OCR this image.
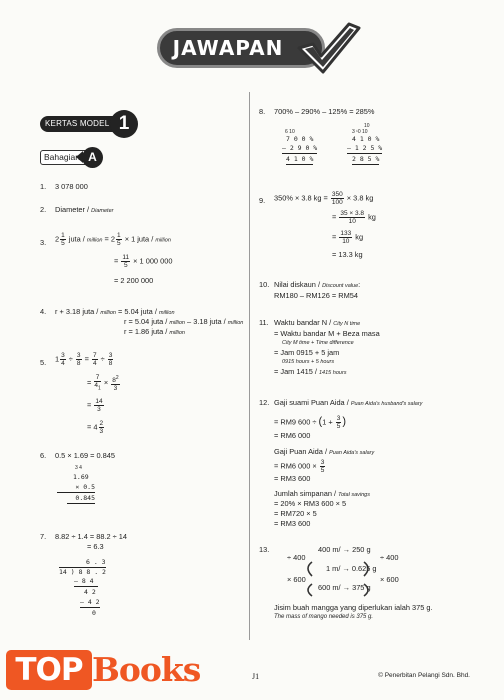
JAWAPAN
KERTAS MODEL 1
Bahagian A
1. 3 078 000
2. Diameter / Diameter
3. $2 \frac{1}{5}$ juta / million = $2 \frac{1}{5} \times 1$ juta / million
= $\frac{11}{5} \times 1$ 000 000
= 2 200 000
4. r + 3.18 juta / million = 5.04 juta / million
r = 5.04 juta / million – 3.18 juta / million
r = 1.86 juta / million
5. $1 \frac{3}{4} \div \frac{3}{8} = \frac{7}{4} \div \frac{3}{8}$
= $\frac{7}{4_1} \times \frac{8^2}{3}$
= $\frac{14}{3}$
= $4 \frac{2}{3}$
6. 0.5 × 1.69 = 0.845
3 4
1.69
× 0.5
0.845
7. 8.82 ÷ 1.4 = 88.2 ÷ 14
= 6.3
6 . 3
14 ) 8 8 . 2
– 8 4
4 2
– 4 2
0
8. 700% – 290% – 125% = 285%
6 10
7 0 0 %
– 2 9 0 %
4 1 0 %
10
3 ¹0 10
4 1 0 %
– 1 2 5 %
2 8 5 %
9. 350% × 3.8 kg = $\frac{350}{100} \times 3.8$ kg
= $\frac{35 \times 3.8}{10}$ kg
= $\frac{133}{10}$ kg
= 13.3 kg
10. Nilai diskaun / Discount value:
RM180 – RM126 = RM54
11. Waktu bandar N / City N time
= Waktu bandar M + Beza masa
City M time + Time difference
= Jam 0915 + 5 jam
0915 hours + 5 hours
= Jam 1415 / 1415 hours
12. Gaji suami Puan Aida / Puan Aida's husband's salary
= RM9 $600 \div (1 + \frac{3}{5}$ )
= RM6 000
Gaji Puan Aida / Puan Aida's salary
= RM6 $000 \times \frac{3}{5}$
= RM3 600
Jumlah simpanan / Total savings
= 20% × RM3 600 × 5
= RM720 × 5
= RM3 600
13.	400 m/ → 250 g
1 m/ → 0.625 g
600 m/ → 375 g
÷ 400	÷ 400
× 600	× 600
Jisim buah mangga yang diperlukan ialah 375 g.
The mass of mango needed is 375 g.
TOP Books	J1	© Penerbitan Pelangi Sdn. Bhd.
